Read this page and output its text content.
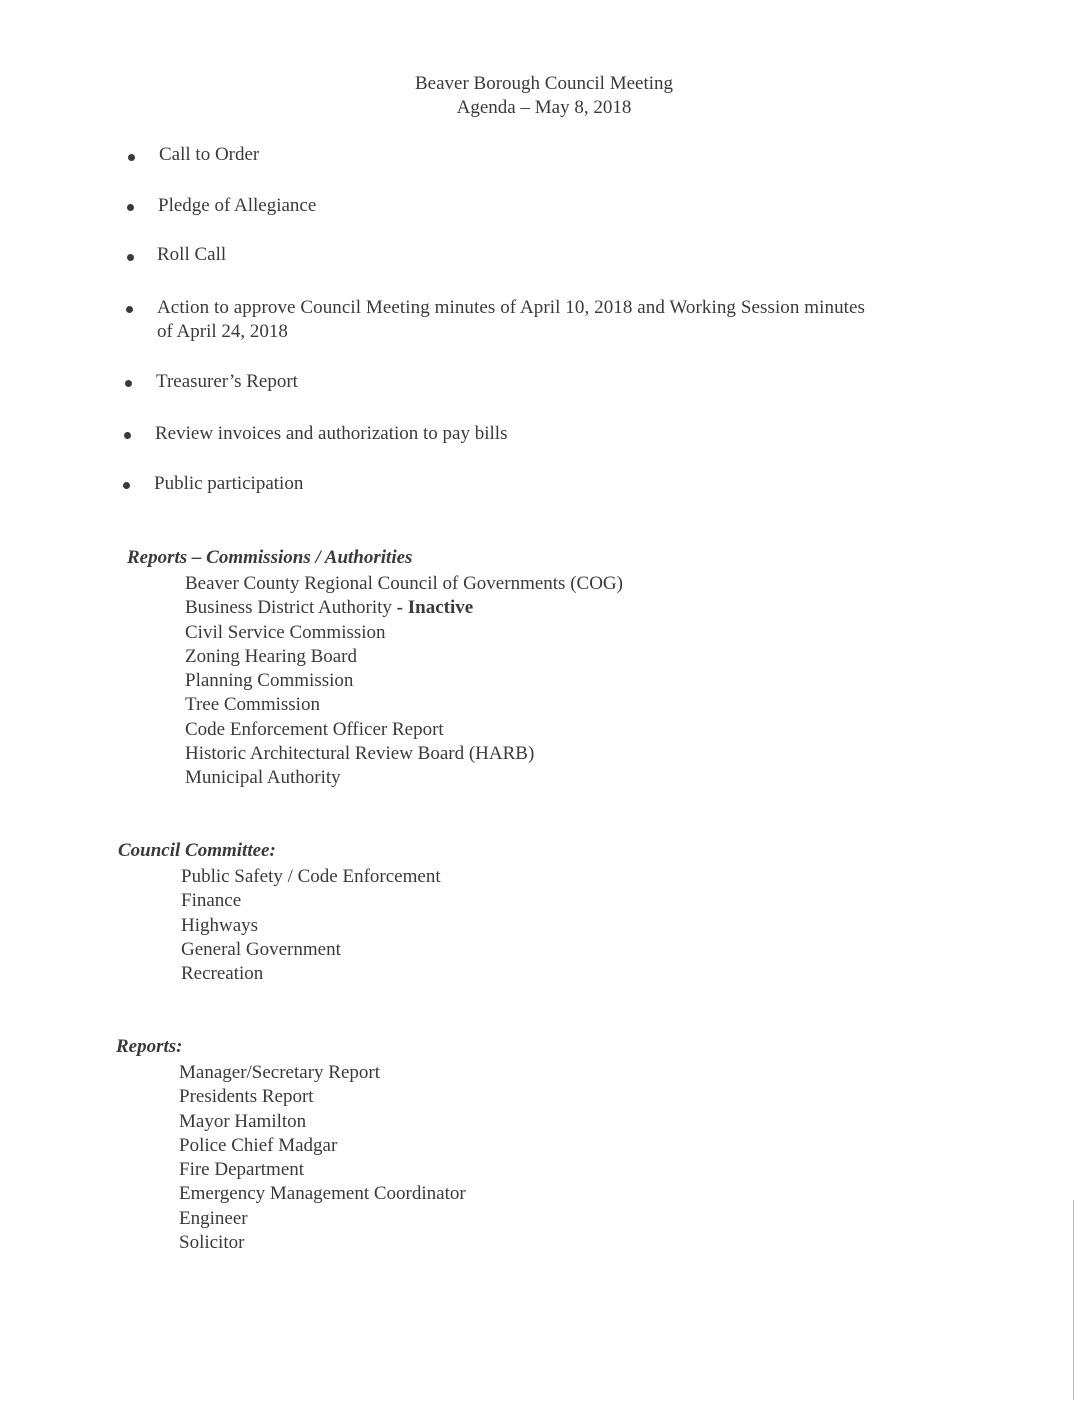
Beaver Borough Council Meeting
Agenda – May 8, 2018
Call to Order
Pledge of Allegiance
Roll Call
Action to approve Council Meeting minutes of April 10, 2018 and Working Session minutes
of April 24, 2018
Treasurer’s Report
Review invoices and authorization to pay bills
Public participation
Reports – Commissions / Authorities
Beaver County Regional Council of Governments (COG)
Business District Authority - Inactive
Civil Service Commission
Zoning Hearing Board
Planning Commission
Tree Commission
Code Enforcement Officer Report
Historic Architectural Review Board (HARB)
Municipal Authority
Council Committee:
Public Safety / Code Enforcement
Finance
Highways
General Government
Recreation
Reports:
Manager/Secretary Report
Presidents Report
Mayor Hamilton
Police Chief Madgar
Fire Department
Emergency Management Coordinator
Engineer
Solicitor
